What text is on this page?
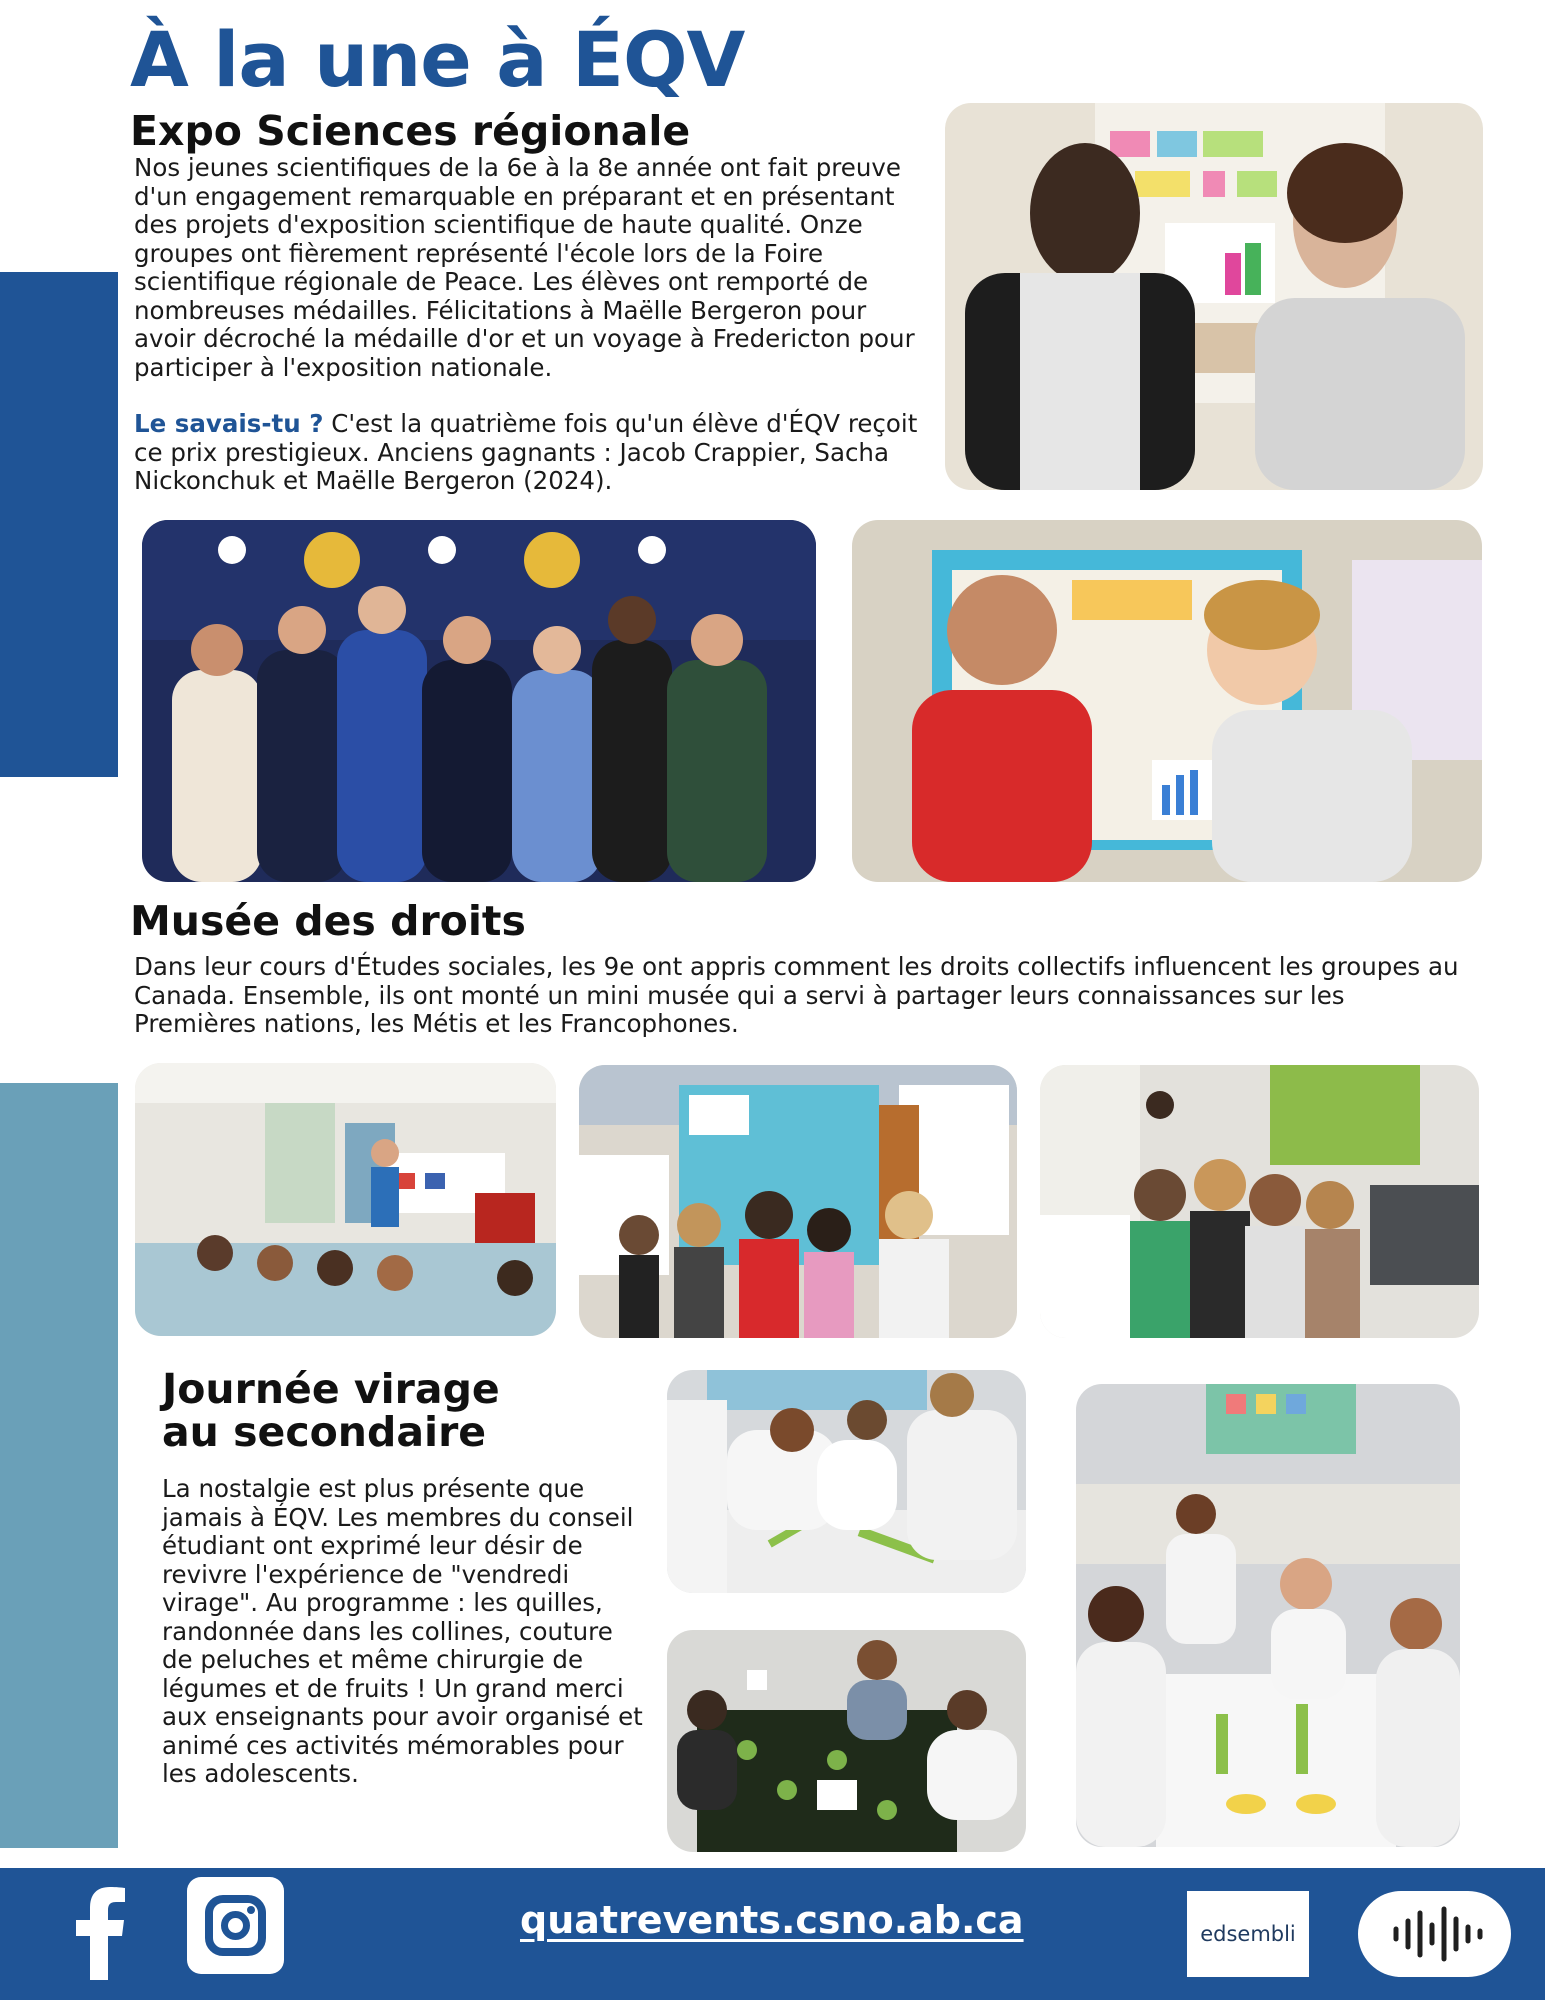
À la une à ÉQV
Expo Sciences régionale

Nos jeunes scientifiques de la 6e à la 8e année ont fait preuve d'un engagement remarquable en préparant et en présentant des projets d'exposition scientifique de haute qualité. Onze groupes ont fièrement représenté l'école lors de la Foire scientifique régionale de Peace. Les élèves ont remporté de nombreuses médailles. Félicitations à Maëlle Bergeron pour avoir décroché la médaille d'or et un voyage à Fredericton pour participer à l'exposition nationale.

Le savais-tu ? C'est la quatrième fois qu'un élève d'ÉQV reçoit ce prix prestigieux. Anciens gagnants : Jacob Crappier, Sacha Nickonchuk et Maëlle Bergeron (2024).

Musée des droits

Dans leur cours d'Études sociales, les 9e ont appris comment les droits collectifs influencent les groupes au Canada. Ensemble, ils ont monté un mini musée qui a servi à partager leurs connaissances sur les Premières nations, les Métis et les Francophones.

Journée virage
au secondaire

La nostalgie est plus présente que jamais à ÉQV. Les membres du conseil étudiant ont exprimé leur désir de revivre l'expérience de "vendredi virage". Au programme : les quilles, randonnée dans les collines, couture de peluches et même chirurgie de légumes et de fruits ! Un grand merci aux enseignants pour avoir organisé et animé ces activités mémorables pour les adolescents.

quatrevents.csno.ab.ca	edsembli
